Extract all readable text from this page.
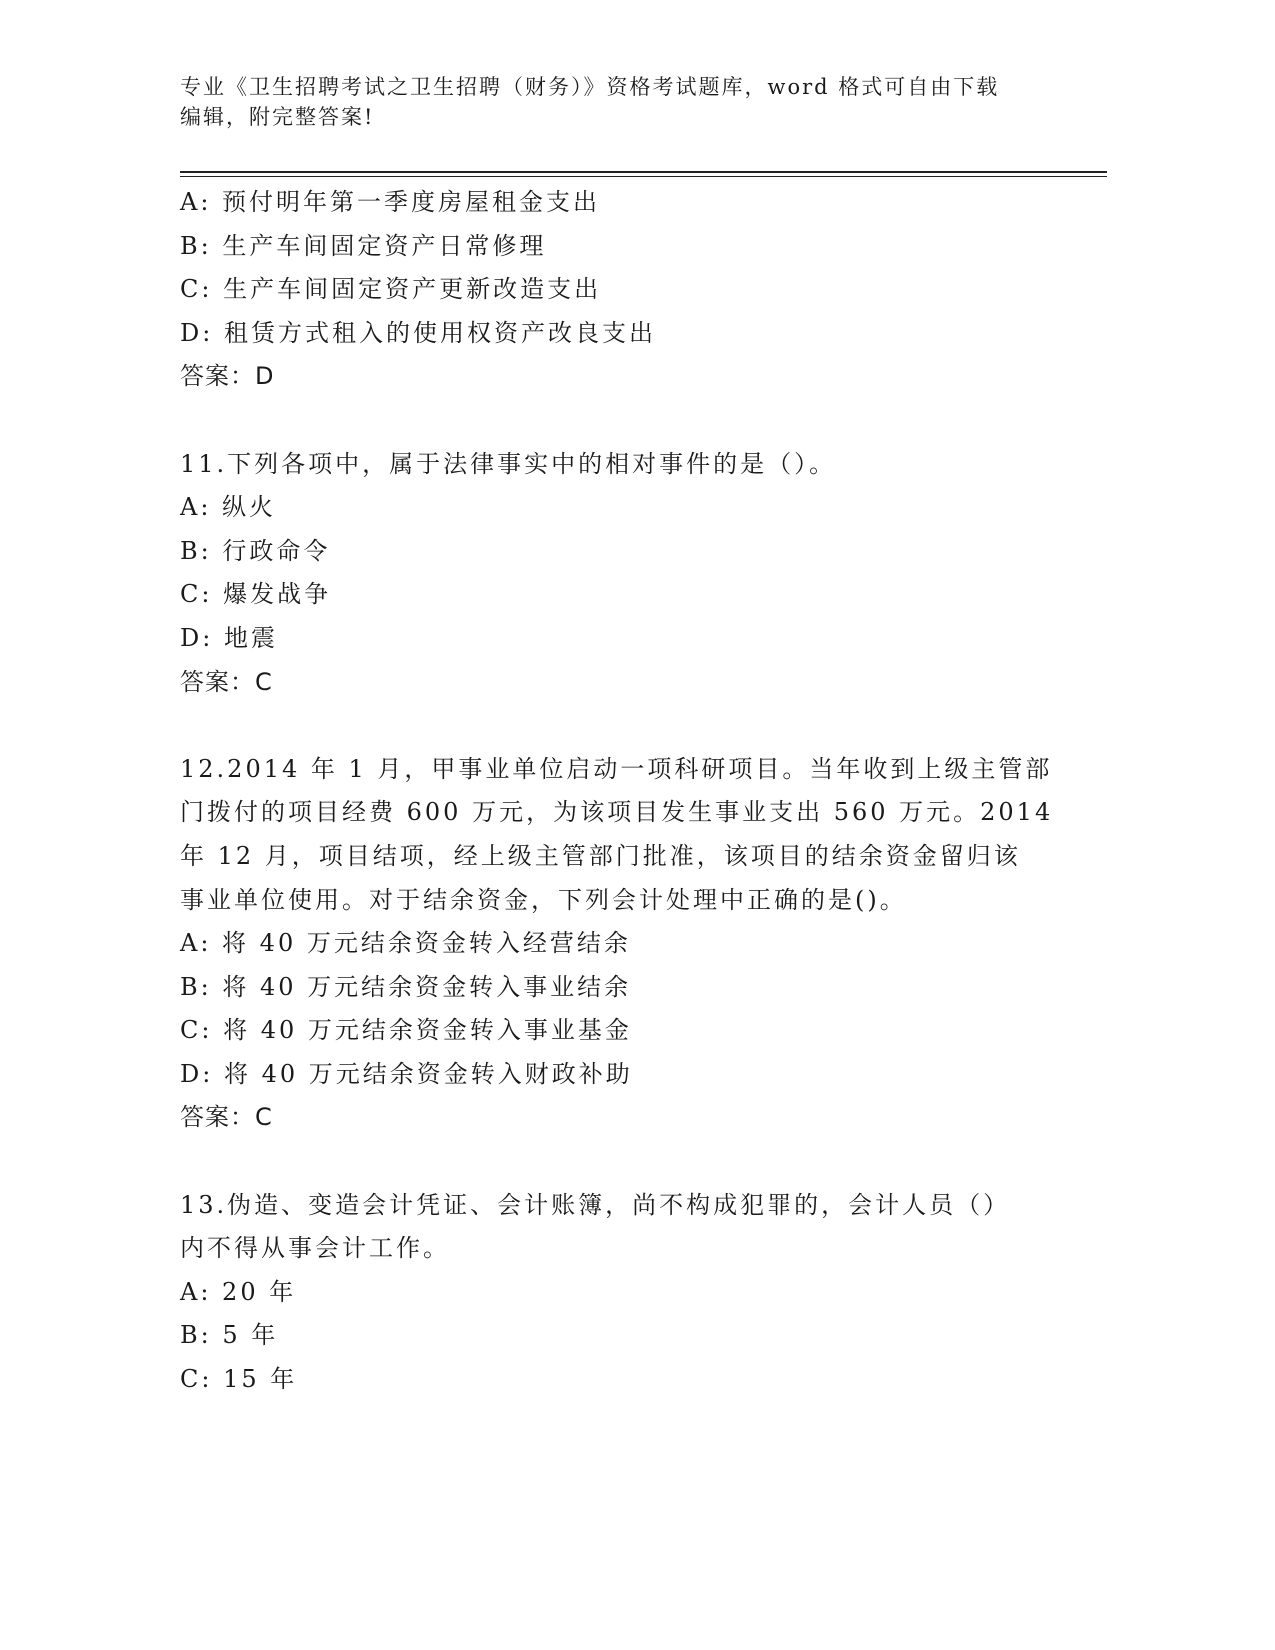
专业《卫生招聘考试之卫生招聘（财务）》资格考试题库，word 格式可自由下载
编辑，附完整答案!
A: 预付明年第一季度房屋租金支出
B: 生产车间固定资产日常修理
C: 生产车间固定资产更新改造支出
D: 租赁方式租入的使用权资产改良支出
答案：D
11.下列各项中，属于法律事实中的相对事件的是（）。
A: 纵火
B: 行政命令
C: 爆发战争
D: 地震
答案：C
12.2014 年 1 月，甲事业单位启动一项科研项目。当年收到上级主管部
门拨付的项目经费 600 万元，为该项目发生事业支出 560 万元。2014
年 12 月，项目结项，经上级主管部门批准，该项目的结余资金留归该
事业单位使用。对于结余资金，下列会计处理中正确的是()。
A: 将 40 万元结余资金转入经营结余
B: 将 40 万元结余资金转入事业结余
C: 将 40 万元结余资金转入事业基金
D: 将 40 万元结余资金转入财政补助
答案：C
13.伪造、变造会计凭证、会计账簿，尚不构成犯罪的，会计人员（）
内不得从事会计工作。
A: 20 年
B: 5 年
C: 15 年
